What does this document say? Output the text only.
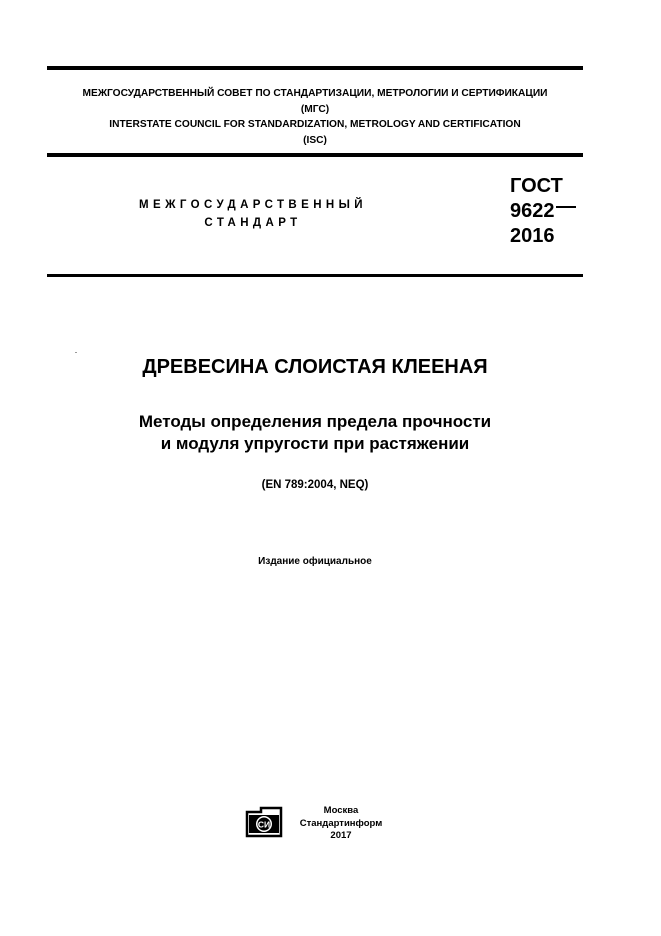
МЕЖГОСУДАРСТВЕННЫЙ СОВЕТ ПО СТАНДАРТИЗАЦИИ, МЕТРОЛОГИИ И СЕРТИФИКАЦИИ
(МГС)
INTERSTATE COUNCIL FOR STANDARDIZATION, METROLOGY AND CERTIFICATION
(ISC)
МЕЖГОСУДАРСТВЕННЫЙ
СТАНДАРТ
ГОСТ
9622
2016
ДРЕВЕСИНА СЛОИСТАЯ КЛЕЕНАЯ
Методы определения предела прочности
и модуля упругости при растяжении
(EN 789:2004, NEQ)
Издание официальное
СИ
Москва
Стандартинформ
2017
